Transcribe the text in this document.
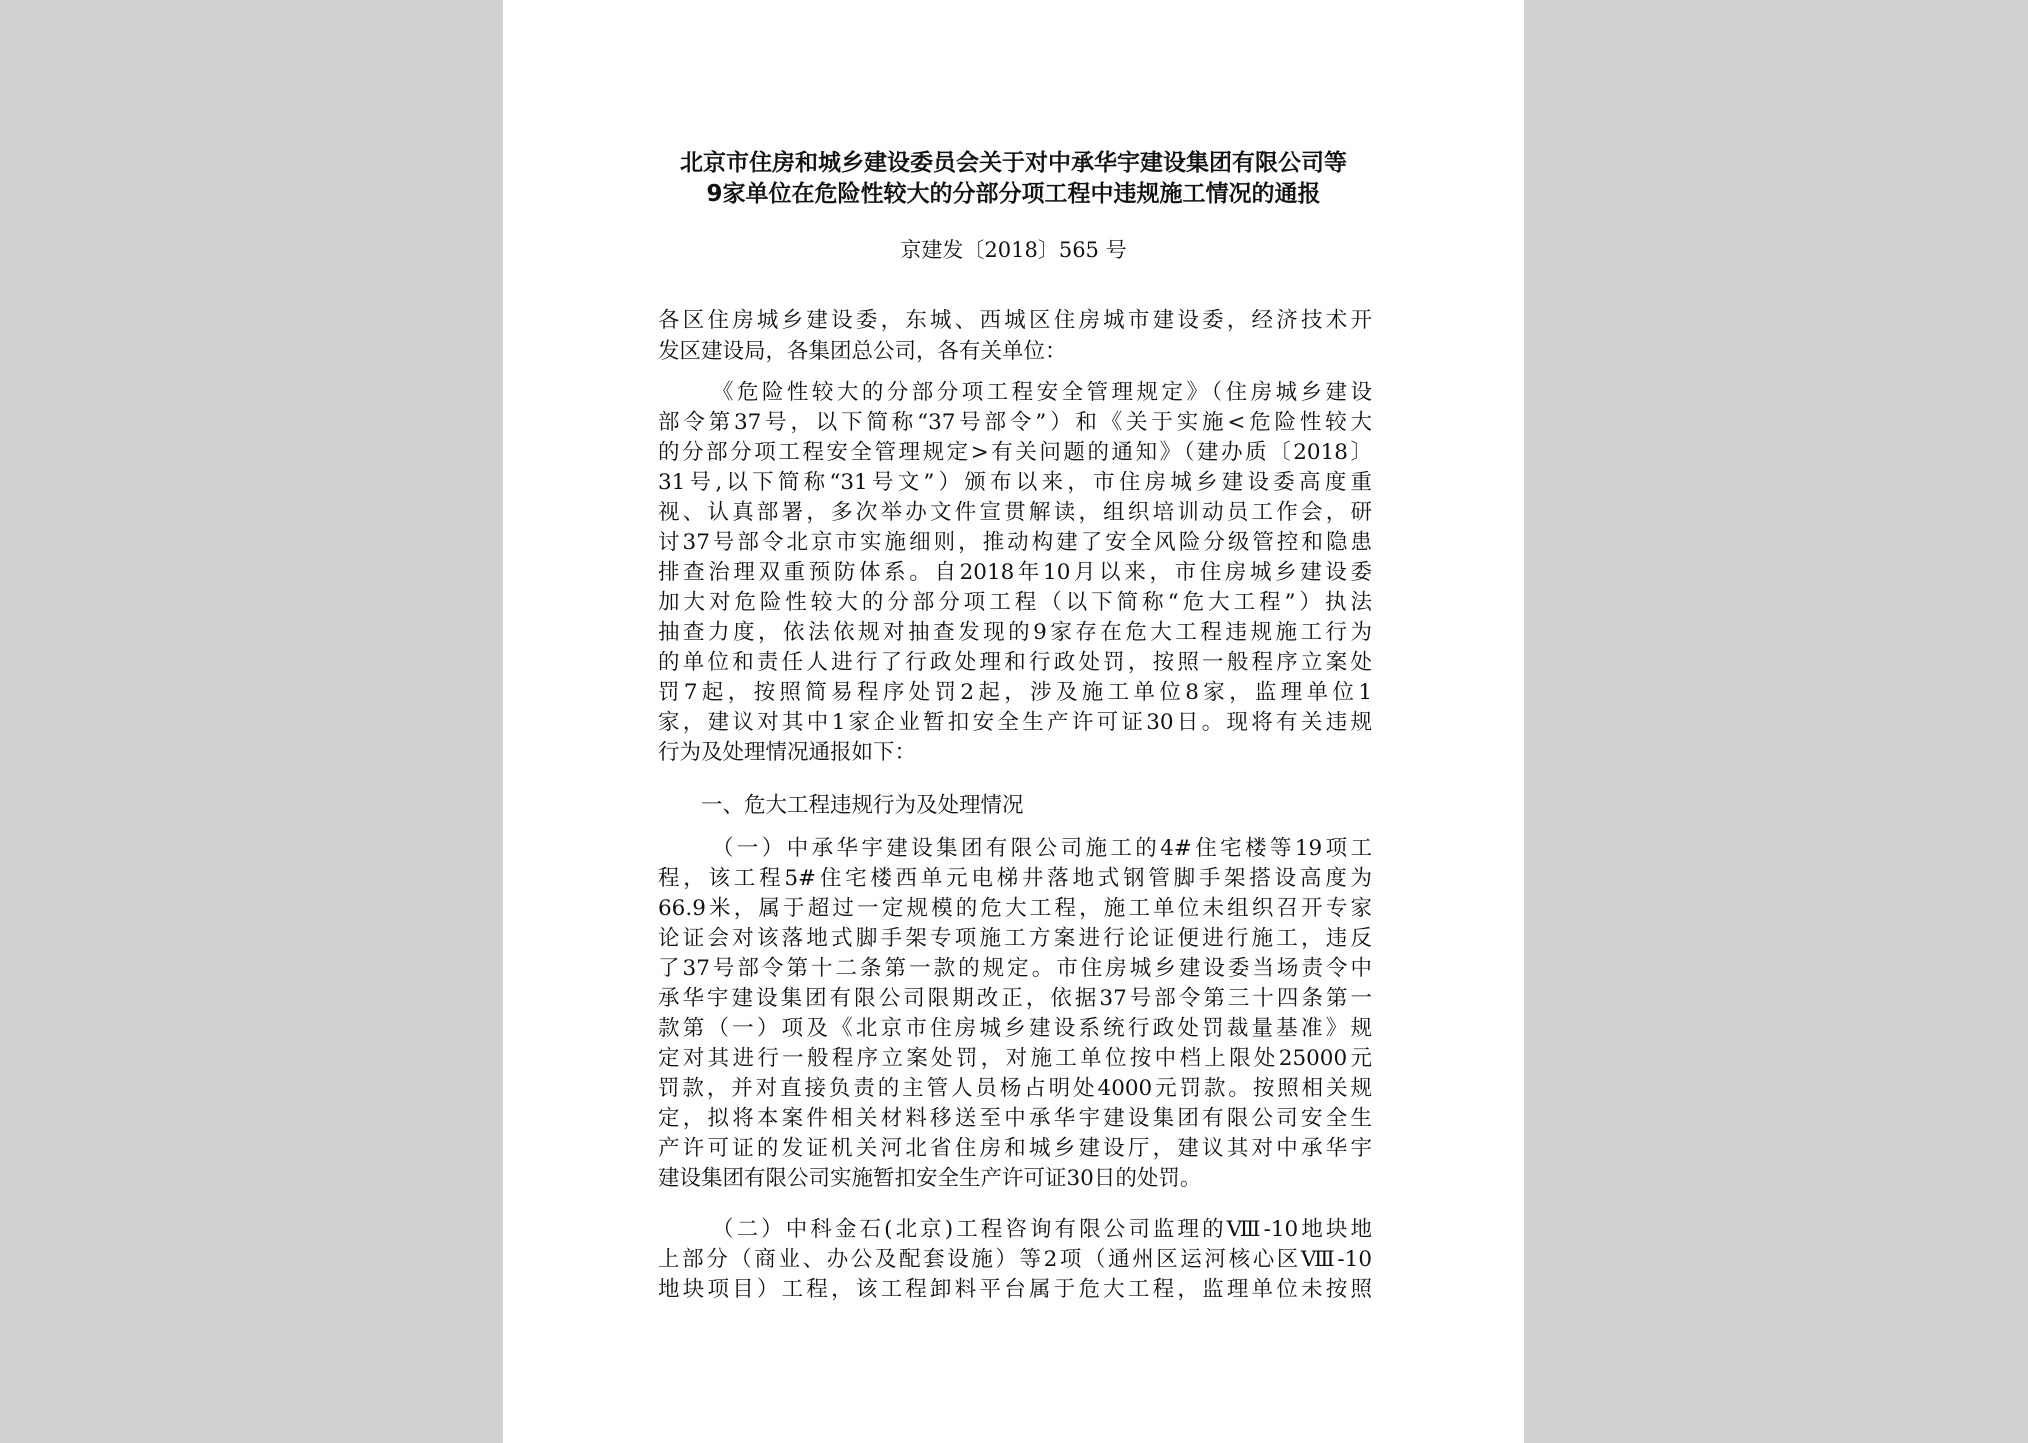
北京市住房和城乡建设委员会关于对中承华宇建设集团有限公司等
9家单位在危险性较大的分部分项工程中违规施工情况的通报
京建发〔2018〕565 号
各区住房城乡建设委，东城、西城区住房城市建设委，经济技术开
发区建设局，各集团总公司，各有关单位：
《危险性较大的分部分项工程安全管理规定》（住房城乡建设
部令第37号，以下简称“37号部令”）和《关于实施<危险性较大
的分部分项工程安全管理规定>有关问题的通知》（建办质〔2018〕
31号,以下简称“31号文”）颁布以来，市住房城乡建设委高度重
视、认真部署，多次举办文件宣贯解读，组织培训动员工作会，研
讨37号部令北京市实施细则，推动构建了安全风险分级管控和隐患
排查治理双重预防体系。自2018年10月以来，市住房城乡建设委
加大对危险性较大的分部分项工程（以下简称“危大工程”）执法
抽查力度，依法依规对抽查发现的9家存在危大工程违规施工行为
的单位和责任人进行了行政处理和行政处罚，按照一般程序立案处
罚7起，按照简易程序处罚2起，涉及施工单位8家，监理单位1
家，建议对其中1家企业暂扣安全生产许可证30日。现将有关违规
行为及处理情况通报如下：
一、危大工程违规行为及处理情况
（一）中承华宇建设集团有限公司施工的4#住宅楼等19项工
程，该工程5#住宅楼西单元电梯井落地式钢管脚手架搭设高度为
66.9米，属于超过一定规模的危大工程，施工单位未组织召开专家
论证会对该落地式脚手架专项施工方案进行论证便进行施工，违反
了37号部令第十二条第一款的规定。市住房城乡建设委当场责令中
承华宇建设集团有限公司限期改正，依据37号部令第三十四条第一
款第（一）项及《北京市住房城乡建设系统行政处罚裁量基准》规
定对其进行一般程序立案处罚，对施工单位按中档上限处25000元
罚款，并对直接负责的主管人员杨占明处4000元罚款。按照相关规
定，拟将本案件相关材料移送至中承华宇建设集团有限公司安全生
产许可证的发证机关河北省住房和城乡建设厅，建议其对中承华宇
建设集团有限公司实施暂扣安全生产许可证30日的处罚。
（二）中科金石(北京)工程咨询有限公司监理的Ⅷ-10地块地
上部分（商业、办公及配套设施）等2项（通州区运河核心区Ⅷ-10
地块项目）工程，该工程卸料平台属于危大工程，监理单位未按照
